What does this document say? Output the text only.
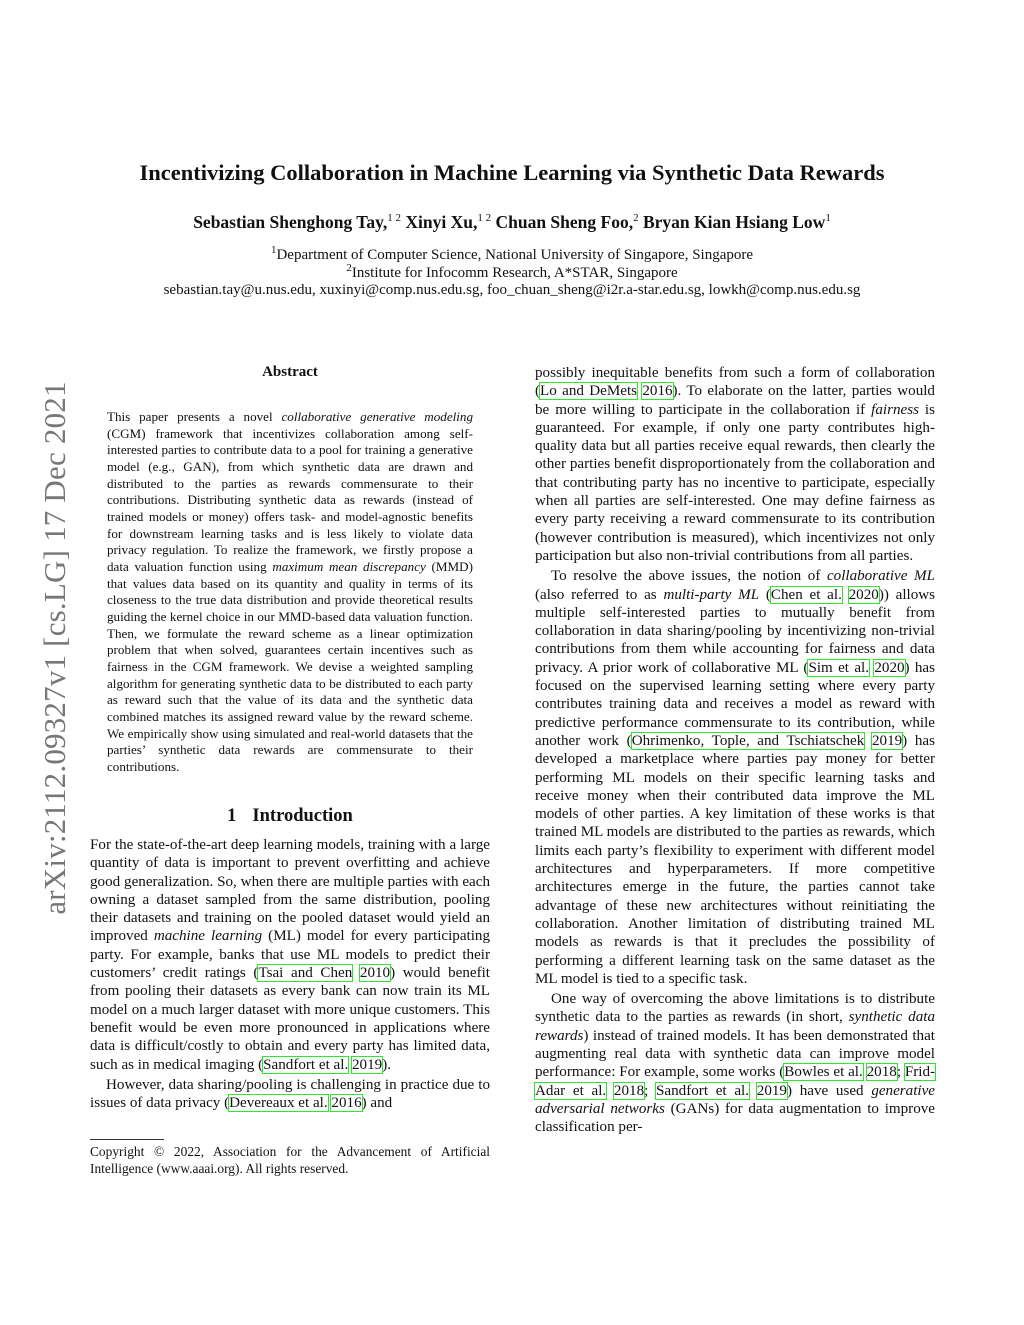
arXiv:2112.09327v1 [cs.LG] 17 Dec 2021
Incentivizing Collaboration in Machine Learning via Synthetic Data Rewards
Sebastian Shenghong Tay,$^{1 2}$ Xinyi Xu,$^{1 2}$ Chuan Sheng Foo,$^2$ Bryan Kian Hsiang Low$^1$
$^1$Department of Computer Science, National University of Singapore, Singapore
$^2$Institute for Infocomm Research, A*STAR, Singapore
sebastian.tay@u.nus.edu, xuxinyi@comp.nus.edu.sg, foo_chuan_sheng@i2r.a-star.edu.sg, lowkh@comp.nus.edu.sg
Abstract

This paper presents a novel collaborative generative modeling (CGM) framework that incentivizes collaboration among self-interested parties to contribute data to a pool for training a generative model (e.g., GAN), from which synthetic data are drawn and distributed to the parties as rewards commensurate to their contributions. Distributing synthetic data as rewards (instead of trained models or money) offers task- and model-agnostic benefits for downstream learning tasks and is less likely to violate data privacy regulation. To realize the framework, we firstly propose a data valuation function using maximum mean discrepancy (MMD) that values data based on its quantity and quality in terms of its closeness to the true data distribution and provide theoretical results guiding the kernel choice in our MMD-based data valuation function. Then, we formulate the reward scheme as a linear optimization problem that when solved, guarantees certain incentives such as fairness in the CGM framework. We devise a weighted sampling algorithm for generating synthetic data to be distributed to each party as reward such that the value of its data and the synthetic data combined matches its assigned reward value by the reward scheme. We empirically show using simulated and real-world datasets that the parties’ synthetic data rewards are commensurate to their contributions.

1 Introduction

For the state-of-the-art deep learning models, training with a large quantity of data is important to prevent overfitting and achieve good generalization. So, when there are multiple parties with each owning a dataset sampled from the same distribution, pooling their datasets and training on the pooled dataset would yield an improved machine learning (ML) model for every participating party. For example, banks that use ML models to predict their customers’ credit ratings (Tsai and Chen 2010) would benefit from pooling their datasets as every bank can now train its ML model on a much larger dataset with more unique customers. This benefit would be even more pronounced in applications where data is difficult/costly to obtain and every party has limited data, such as in medical imaging (Sandfort et al. 2019).

However, data sharing/pooling is challenging in practice due to issues of data privacy (Devereaux et al. 2016) and

possibly inequitable benefits from such a form of collaboration (Lo and DeMets 2016). To elaborate on the latter, parties would be more willing to participate in the collaboration if fairness is guaranteed. For example, if only one party contributes high-quality data but all parties receive equal rewards, then clearly the other parties benefit disproportionately from the collaboration and that contributing party has no incentive to participate, especially when all parties are self-interested. One may define fairness as every party receiving a reward commensurate to its contribution (however contribution is measured), which incentivizes not only participation but also non-trivial contributions from all parties.

To resolve the above issues, the notion of collaborative ML (also referred to as multi-party ML (Chen et al. 2020)) allows multiple self-interested parties to mutually benefit from collaboration in data sharing/pooling by incentivizing non-trivial contributions from them while accounting for fairness and data privacy. A prior work of collaborative ML (Sim et al. 2020) has focused on the supervised learning setting where every party contributes training data and receives a model as reward with predictive performance commensurate to its contribution, while another work (Ohrimenko, Tople, and Tschiatschek 2019) has developed a marketplace where parties pay money for better performing ML models on their specific learning tasks and receive money when their contributed data improve the ML models of other parties. A key limitation of these works is that trained ML models are distributed to the parties as rewards, which limits each party’s flexibility to experiment with different model architectures and hyperparameters. If more competitive architectures emerge in the future, the parties cannot take advantage of these new architectures without reinitiating the collaboration. Another limitation of distributing trained ML models as rewards is that it precludes the possibility of performing a different learning task on the same dataset as the ML model is tied to a specific task.

One way of overcoming the above limitations is to distribute synthetic data to the parties as rewards (in short, synthetic data rewards) instead of trained models. It has been demonstrated that augmenting real data with synthetic data can improve model performance: For example, some works (Bowles et al. 2018; Frid-Adar et al. 2018; Sandfort et al. 2019) have used generative adversarial networks (GANs) for data augmentation to improve classification per-

Copyright © 2022, Association for the Advancement of Artificial Intelligence (www.aaai.org). All rights reserved.
